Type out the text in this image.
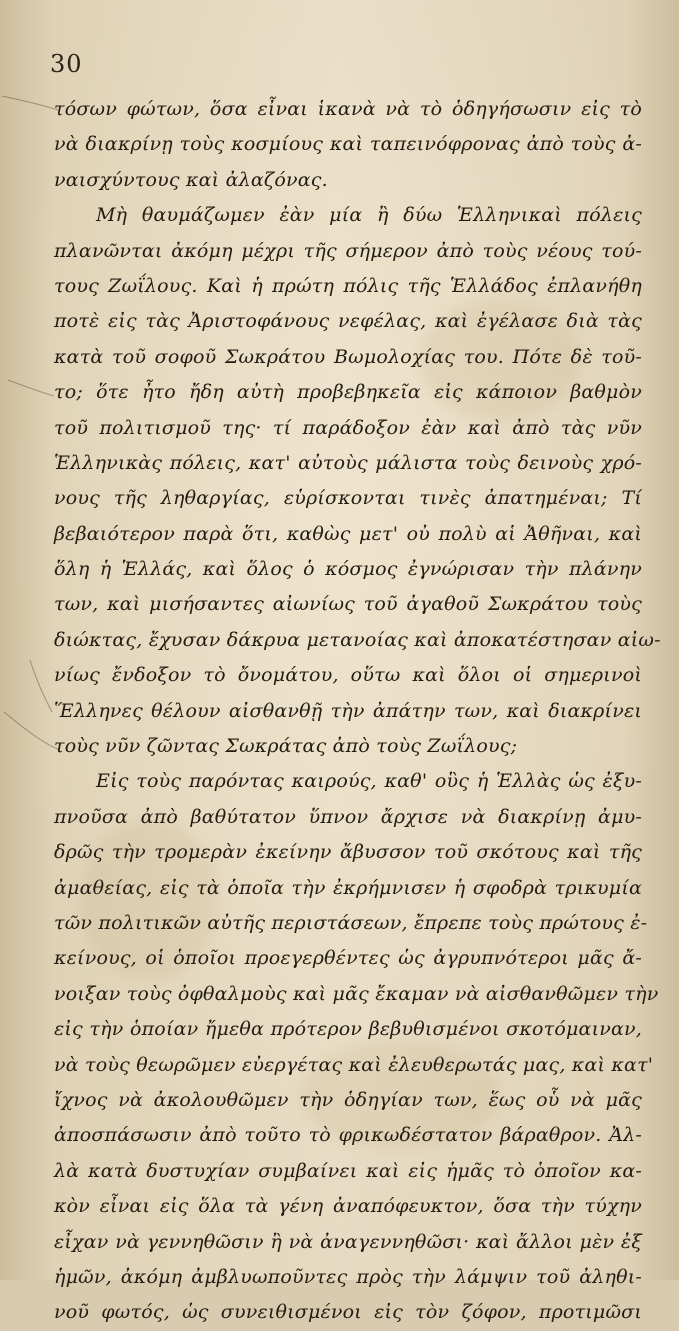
30
τόσων φώτων, ὅσα εἶναι ἱκανὰ νὰ τὸ ὁδηγήσωσιν εἰς τὸ
νὰ διακρίνῃ τοὺς κοσμίους καὶ ταπεινόφρονας ἀπὸ τοὺς ἀ-
ναισχύντους καὶ ἀλαζόνας.
Μὴ θαυμάζωμεν ἐὰν μία ἢ δύω Ἑλληνικαὶ πόλεις
πλανῶνται ἀκόμη μέχρι τῆς σήμερον ἀπὸ τοὺς νέους τού-
τους Ζωΐλους. Καὶ ἡ πρώτη πόλις τῆς Ἑλλάδος ἐπλανήθη
ποτὲ εἰς τὰς Ἀριστοφάνους νεφέλας, καὶ ἐγέλασε διὰ τὰς
κατὰ τοῦ σοφοῦ Σωκράτου Βωμολοχίας του. Πότε δὲ τοῦ-
το; ὅτε ἦτο ἤδη αὐτὴ προβεβηκεῖα εἰς κάποιον βαθμὸν
τοῦ πολιτισμοῦ της· τί παράδοξον ἐὰν καὶ ἀπὸ τὰς νῦν
Ἑλληνικὰς πόλεις, κατ' αὐτοὺς μάλιστα τοὺς δεινοὺς χρό-
νους τῆς ληθαργίας, εὑρίσκονται τινὲς ἀπατημέναι; Τί
βεβαιότερον παρὰ ὅτι, καθὼς μετ' οὐ πολὺ αἱ Ἀθῆναι, καὶ
ὅλη ἡ Ἑλλάς, καὶ ὅλος ὁ κόσμος ἐγνώρισαν τὴν πλάνην
των, καὶ μισήσαντες αἰωνίως τοῦ ἀγαθοῦ Σωκράτου τοὺς
διώκτας, ἔχυσαν δάκρυα μετανοίας καὶ ἀποκατέστησαν αἰω-
νίως ἔνδοξον τὸ ὄνομάτου, οὕτω καὶ ὅλοι οἱ σημερινοὶ
Ἕλληνες θέλουν αἰσθανθῇ τὴν ἀπάτην των, καὶ διακρίνει
τοὺς νῦν ζῶντας Σωκράτας ἀπὸ τοὺς Ζωΐλους;
Εἰς τοὺς παρόντας καιρούς, καθ' οὓς ἡ Ἑλλὰς ὡς ἐξυ-
πνοῦσα ἀπὸ βαθύτατον ὕπνον ἄρχισε νὰ διακρίνῃ ἀμυ-
δρῶς τὴν τρομερὰν ἐκείνην ἄβυσσον τοῦ σκότους καὶ τῆς
ἀμαθείας, εἰς τὰ ὁποῖα τὴν ἐκρήμνισεν ἡ σφοδρὰ τρικυμία
τῶν πολιτικῶν αὐτῆς περιστάσεων, ἔπρεπε τοὺς πρώτους ἐ-
κείνους, οἱ ὁποῖοι προεγερθέντες ὡς ἀγρυπνότεροι μᾶς ἄ-
νοιξαν τοὺς ὀφθαλμοὺς καὶ μᾶς ἔκαμαν νὰ αἰσθανθῶμεν τὴν
εἰς τὴν ὁποίαν ἤμεθα πρότερον βεβυθισμένοι σκοτόμαιναν,
νὰ τοὺς θεωρῶμεν εὐεργέτας καὶ ἐλευθερωτάς μας, καὶ κατ'
ἴχνος νὰ ἀκολουθῶμεν τὴν ὁδηγίαν των, ἕως οὗ νὰ μᾶς
ἀποσπάσωσιν ἀπὸ τοῦτο τὸ φρικωδέστατον βάραθρον. Ἀλ-
λὰ κατὰ δυστυχίαν συμβαίνει καὶ εἰς ἡμᾶς τὸ ὁποῖον κα-
κὸν εἶναι εἰς ὅλα τὰ γένη ἀναπόφευκτον, ὅσα τὴν τύχην
εἶχαν νὰ γεννηθῶσιν ἢ νὰ ἀναγεννηθῶσι· καὶ ἄλλοι μὲν ἐξ
ἡμῶν, ἀκόμη ἀμβλυωποῦντες πρὸς τὴν λάμψιν τοῦ ἀληθι-
νοῦ φωτός, ὡς συνειθισμένοι εἰς τὸν ζόφον, προτιμῶσι
